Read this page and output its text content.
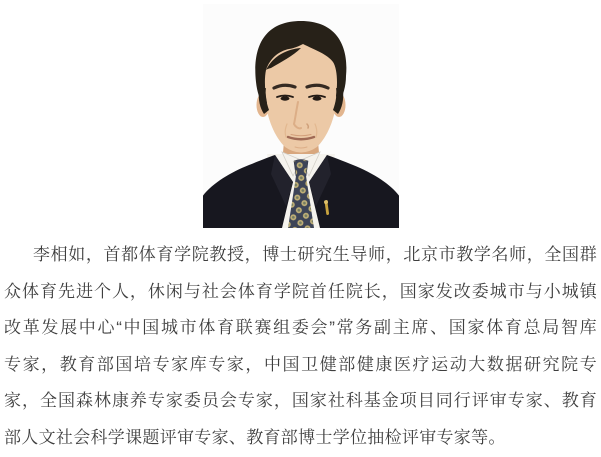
李相如，首都体育学院教授，博士研究生导师，北京市教学名师，全国群
众体育先进个人，休闲与社会体育学院首任院长，国家发改委城市与小城镇
改革发展中心“中国城市体育联赛组委会”常务副主席、国家体育总局智库
专家，教育部国培专家库专家，中国卫健部健康医疗运动大数据研究院专
家，全国森林康养专家委员会专家，国家社科基金项目同行评审专家、教育
部人文社会科学课题评审专家、教育部博士学位抽检评审专家等。
